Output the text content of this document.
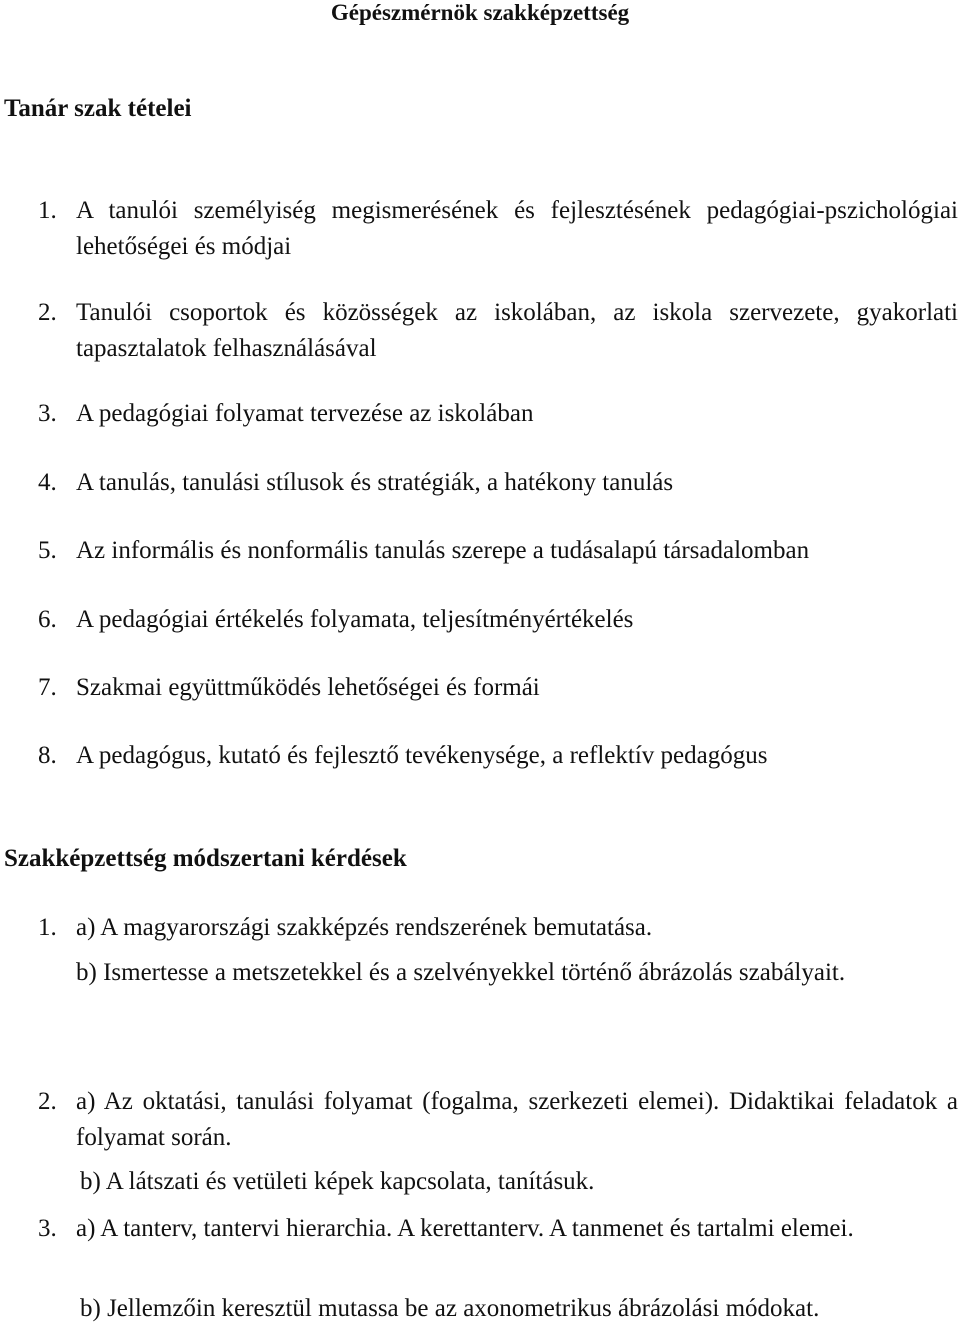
Gépészmérnök szakképzettség
Tanár szak tételei
1. A tanulói személyiség megismerésének és fejlesztésének pedagógiai-pszichológiai lehetőségei és módjai
2. Tanulói csoportok és közösségek az iskolában, az iskola szervezete, gyakorlati tapasztalatok felhasználásával
3. A pedagógiai folyamat tervezése az iskolában
4. A tanulás, tanulási stílusok és stratégiák, a hatékony tanulás
5. Az informális és nonformális tanulás szerepe a tudásalapú társadalomban
6. A pedagógiai értékelés folyamata, teljesítményértékelés
7. Szakmai együttműködés lehetőségei és formái
8. A pedagógus, kutató és fejlesztő tevékenysége, a reflektív pedagógus
Szakképzettség módszertani kérdések
1. a) A magyarországi szakképzés rendszerének bemutatása.
b) Ismertesse a metszetekkel és a szelvényekkel történő ábrázolás szabályait.
2. a) Az oktatási, tanulási folyamat (fogalma, szerkezeti elemei). Didaktikai feladatok a folyamat során.
b) A látszati és vetületi képek kapcsolata, tanításuk.
3. a) A tanterv, tantervi hierarchia. A kerettanterv. A tanmenet és tartalmi elemei.
b) Jellemzőin keresztül mutassa be az axonometrikus ábrázolási módokat.
